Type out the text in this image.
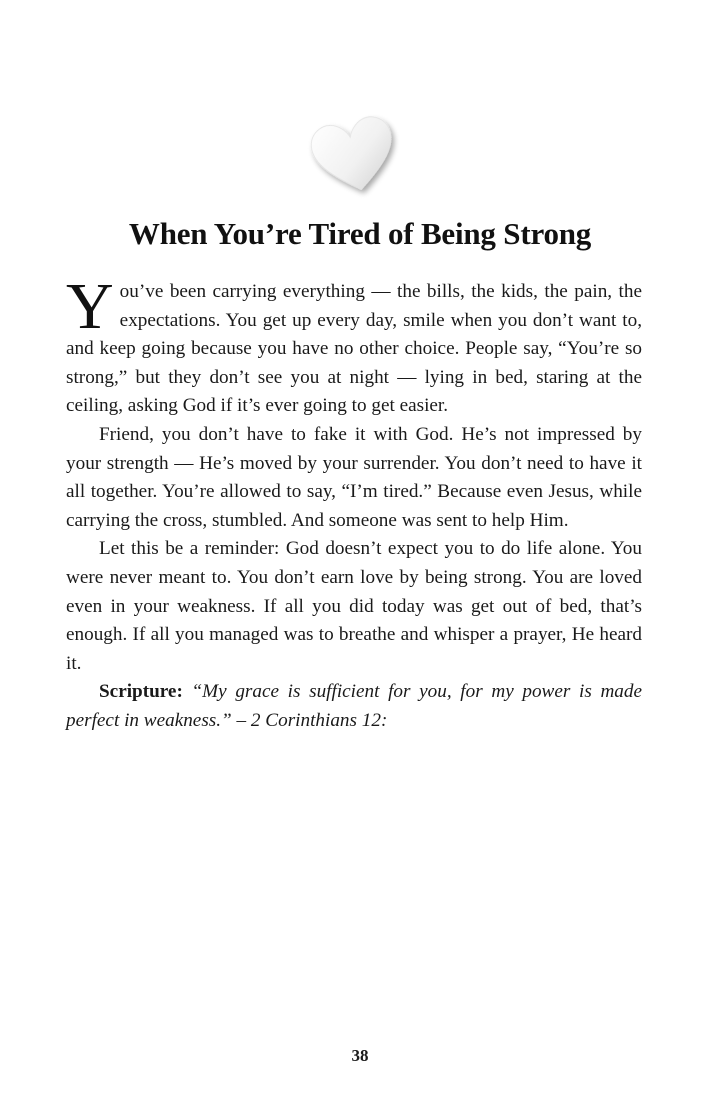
When You’re Tired of Being Strong

You’ve been carrying everything — the bills, the kids, the pain, the expectations. You get up every day, smile when you don’t want to, and keep going because you have no other choice. People say, “You’re so strong,” but they don’t see you at night — lying in bed, staring at the ceiling, asking God if it’s ever going to get easier.

Friend, you don’t have to fake it with God. He’s not impressed by your strength — He’s moved by your surrender. You don’t need to have it all together. You’re allowed to say, “I’m tired.” Because even Jesus, while carrying the cross, stumbled. And someone was sent to help Him.

Let this be a reminder: God doesn’t expect you to do life alone. You were never meant to. You don’t earn love by being strong. You are loved even in your weakness. If all you did today was get out of bed, that’s enough. If all you managed was to breathe and whisper a prayer, He heard it.

Scripture: “My grace is sufficient for you, for my power is made perfect in weakness.” – 2 Corinthians 12:

38
